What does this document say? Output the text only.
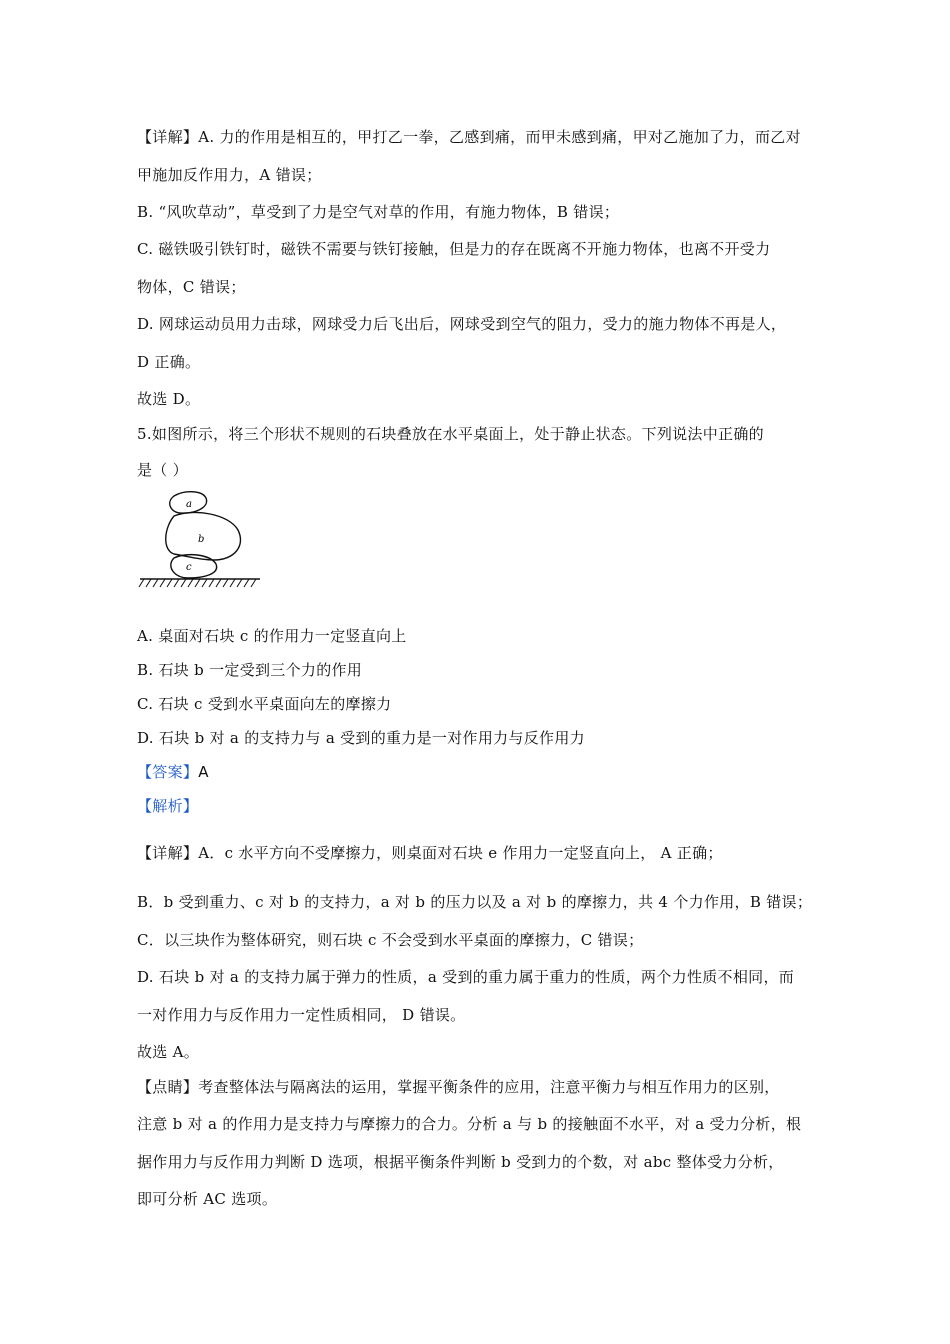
【详解】A. 力的作用是相互的，甲打乙一拳，乙感到痛，而甲未感到痛，甲对乙施加了力，而乙对
甲施加反作用力，A 错误；
B. “风吹草动”，草受到了力是空气对草的作用，有施力物体，B 错误；
C. 磁铁吸引铁钉时，磁铁不需要与铁钉接触，但是力的存在既离不开施力物体，也离不开受力
物体，C 错误；
D. 网球运动员用力击球，网球受力后飞出后，网球受到空气的阻力，受力的施力物体不再是人，
D 正确。
故选 D。
5.如图所示，将三个形状不规则的石块叠放在水平桌面上，处于静止状态。下列说法中正确的
是（ ）
a
b
c
A. 桌面对石块 c 的作用力一定竖直向上
B. 石块 b 一定受到三个力的作用
C. 石块 c 受到水平桌面向左的摩擦力
D. 石块 b 对 a 的支持力与 a 受到的重力是一对作用力与反作用力
【答案】A
【解析】
【详解】A．c 水平方向不受摩擦力，则桌面对石块 e 作用力一定竖直向上， A 正确；
B．b 受到重力、c 对 b 的支持力，a 对 b 的压力以及 a 对 b 的摩擦力，共 4 个力作用，B 错误；
C．以三块作为整体研究，则石块 c 不会受到水平桌面的摩擦力，C 错误；
D. 石块 b 对 a 的支持力属于弹力的性质，a 受到的重力属于重力的性质，两个力性质不相同，而
一对作用力与反作用力一定性质相同， D 错误。
故选 A。
【点睛】考查整体法与隔离法的运用，掌握平衡条件的应用，注意平衡力与相互作用力的区别，
注意 b 对 a 的作用力是支持力与摩擦力的合力。分析 a 与 b 的接触面不水平，对 a 受力分析，根
据作用力与反作用力判断 D 选项，根据平衡条件判断 b 受到力的个数，对 abc 整体受力分析，
即可分析 AC 选项。
